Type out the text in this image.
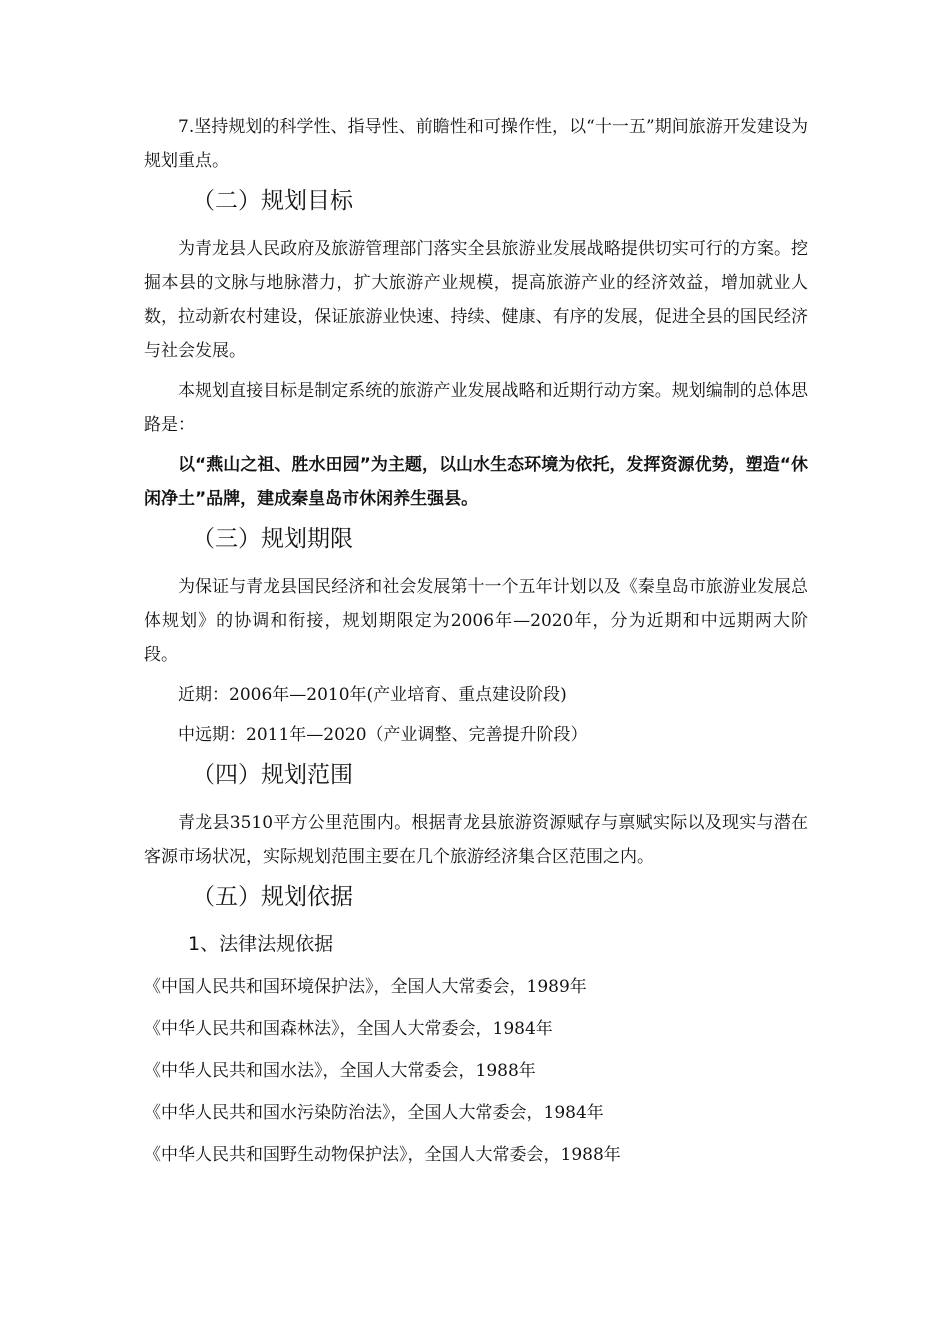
7.坚持规划的科学性、指导性、前瞻性和可操作性，以“十一五”期间旅游开发建设为规划重点。

（二）规划目标

为青龙县人民政府及旅游管理部门落实全县旅游业发展战略提供切实可行的方案。挖掘本县的文脉与地脉潜力，扩大旅游产业规模，提高旅游产业的经济效益，增加就业人数，拉动新农村建设，保证旅游业快速、持续、健康、有序的发展，促进全县的国民经济与社会发展。

本规划直接目标是制定系统的旅游产业发展战略和近期行动方案。规划编制的总体思路是：

以“燕山之祖、胜水田园”为主题，以山水生态环境为依托，发挥资源优势，塑造“休闲净土”品牌，建成秦皇岛市休闲养生强县。

（三）规划期限

为保证与青龙县国民经济和社会发展第十一个五年计划以及《秦皇岛市旅游业发展总体规划》的协调和衔接，规划期限定为2006年—2020年，分为近期和中远期两大阶段。

近期：2006年—2010年(产业培育、重点建设阶段)

中远期：2011年—2020（产业调整、完善提升阶段）

（四）规划范围

青龙县3510平方公里范围内。根据青龙县旅游资源赋存与禀赋实际以及现实与潜在客源市场状况，实际规划范围主要在几个旅游经济集合区范围之内。

（五）规划依据
1、法律法规依据
《中国人民共和国环境保护法》，全国人大常委会，1989年
《中华人民共和国森林法》，全国人大常委会，1984年
《中华人民共和国水法》，全国人大常委会，1988年
《中华人民共和国水污染防治法》，全国人大常委会，1984年
《中华人民共和国野生动物保护法》，全国人大常委会，1988年
